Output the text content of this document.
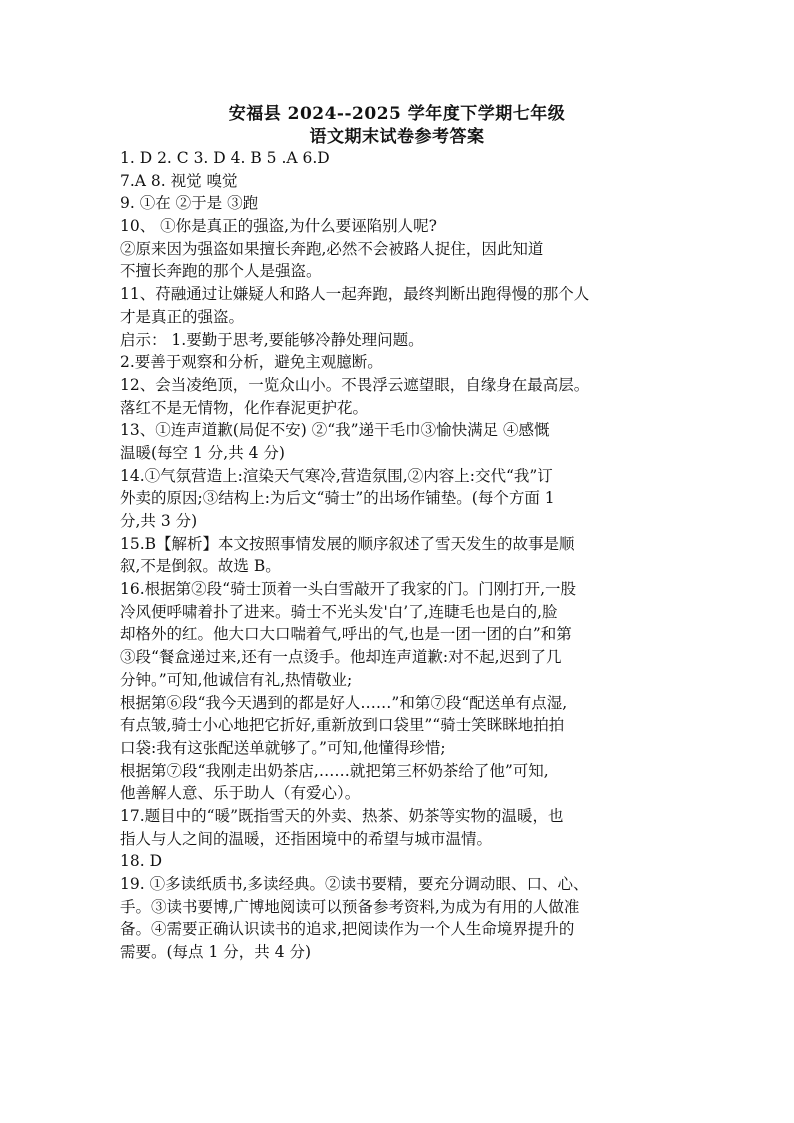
安福县 2024--2025 学年度下学期七年级
语文期末试卷参考答案
1. D 2. C 3. D 4. B 5 .A 6.D
7.A 8. 视觉 嗅觉
9. ①在 ②于是 ③跑
10、 ①你是真正的强盗,为什么要诬陷别人呢?
②原来因为强盗如果擅长奔跑,必然不会被路人捉住，因此知道
不擅长奔跑的那个人是强盗。
11、苻融通过让嫌疑人和路人一起奔跑，最终判断出跑得慢的那个人
才是真正的强盗。
启示： 1.要勤于思考,要能够冷静处理问题。
2.要善于观察和分析，避免主观臆断。
12、会当凌绝顶，一览众山小。不畏浮云遮望眼，自缘身在最高层。
落红不是无情物，化作春泥更护花。
13、①连声道歉(局促不安) ②“我”递干毛巾③愉快满足 ④感慨
温暖(每空 1 分,共 4 分)
14.①气氛营造上:渲染天气寒冷,营造氛围,②内容上:交代“我”订
外卖的原因;③结构上:为后文“骑士”的出场作铺垫。(每个方面 1
分,共 3 分)
15.B【解析】本文按照事情发展的顺序叙述了雪天发生的故事是顺
叙,不是倒叙。故选 B。
16.根据第②段“骑士顶着一头白雪敲开了我家的门。门刚打开,一股
冷风便呼啸着扑了进来。骑士不光头发'白’了,连睫毛也是白的,脸
却格外的红。他大口大口喘着气,呼出的气,也是一团一团的白”和第
③段“餐盒递过来,还有一点烫手。他却连声道歉:对不起,迟到了几
分钟。”可知,他诚信有礼,热情敬业;
根据第⑥段“我今天遇到的都是好人……”和第⑦段“配送单有点湿,
有点皱,骑士小心地把它折好,重新放到口袋里”“骑士笑眯眯地拍拍
口袋:我有这张配送单就够了。”可知,他懂得珍惜;
根据第⑦段“我刚走出奶茶店,……就把第三杯奶茶给了他”可知,
他善解人意、乐于助人（有爱心）。
17.题目中的“暖”既指雪天的外卖、热茶、奶茶等实物的温暖，也
指人与人之间的温暖，还指困境中的希望与城市温情。
18. D
19. ①多读纸质书,多读经典。②读书要精，要充分调动眼、口、心、
手。③读书要博,广博地阅读可以预备参考资料,为成为有用的人做准
备。④需要正确认识读书的追求,把阅读作为一个人生命境界提升的
需要。(每点 1 分，共 4 分)
